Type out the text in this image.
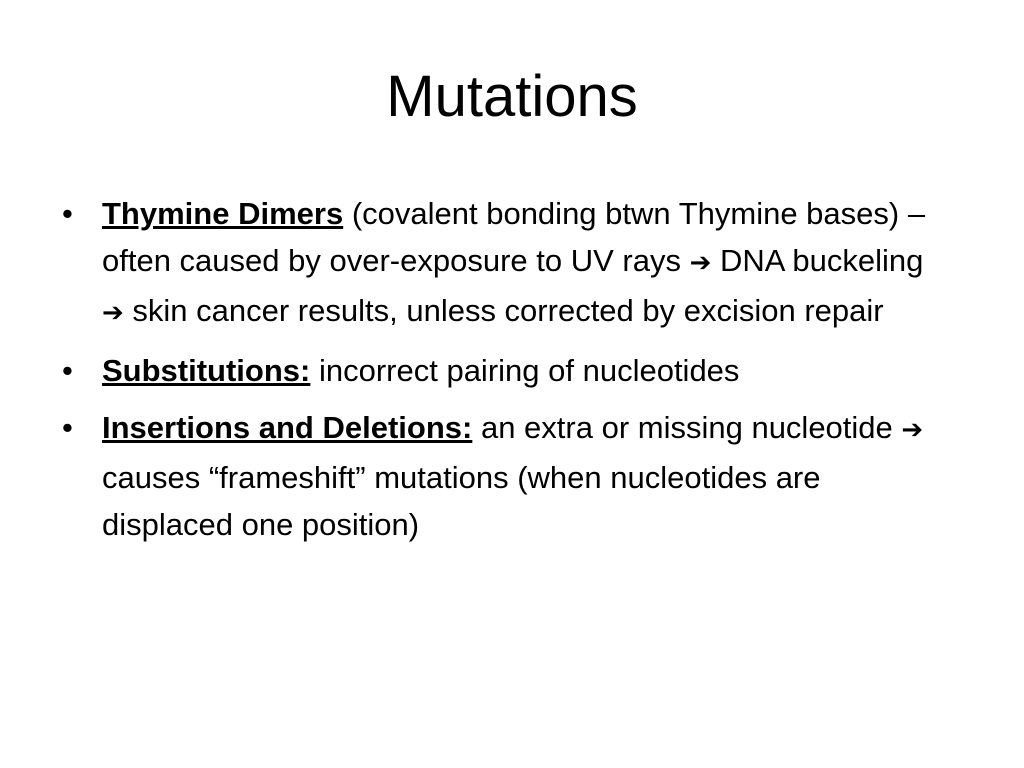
Mutations
• Thymine Dimers (covalent bonding btwn Thymine bases) –often caused by over-exposure to UV rays ➔ DNA buckeling ➔ skin cancer results, unless corrected by excision repair
• Substitutions: incorrect pairing of nucleotides
• Insertions and Deletions: an extra or missing nucleotide ➔ causes “frameshift” mutations (when nucleotides are displaced one position)
